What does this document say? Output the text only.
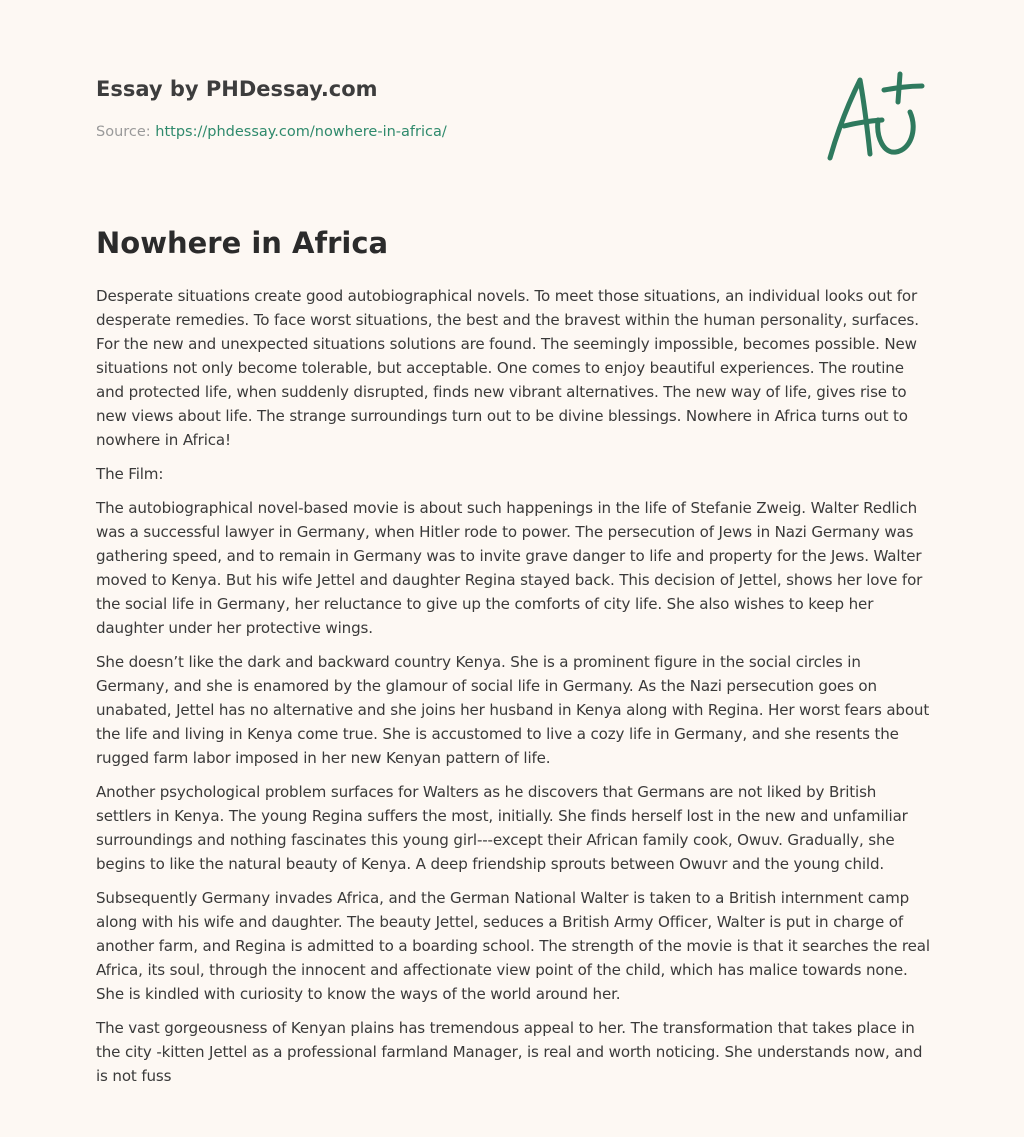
Essay by PHDessay.com

Source: https://phdessay.com/nowhere-in-africa/

Nowhere in Africa

Desperate situations create good autobiographical novels. To meet those situations, an individual looks out for desperate remedies. To face worst situations, the best and the bravest within the human personality, surfaces. For the new and unexpected situations solutions are found. The seemingly impossible, becomes possible. New situations not only become tolerable, but acceptable. One comes to enjoy beautiful experiences. The routine and protected life, when suddenly disrupted, finds new vibrant alternatives. The new way of life, gives rise to new views about life. The strange surroundings turn out to be divine blessings. Nowhere in Africa turns out to nowhere in Africa!

The Film:

The autobiographical novel-based movie is about such happenings in the life of Stefanie Zweig. Walter Redlich was a successful lawyer in Germany, when Hitler rode to power. The persecution of Jews in Nazi Germany was gathering speed, and to remain in Germany was to invite grave danger to life and property for the Jews. Walter moved to Kenya. But his wife Jettel and daughter Regina stayed back. This decision of Jettel, shows her love for the social life in Germany, her reluctance to give up the comforts of city life. She also wishes to keep her daughter under her protective wings.

She doesn’t like the dark and backward country Kenya. She is a prominent figure in the social circles in Germany, and she is enamored by the glamour of social life in Germany. As the Nazi persecution goes on unabated, Jettel has no alternative and she joins her husband in Kenya along with Regina. Her worst fears about the life and living in Kenya come true. She is accustomed to live a cozy life in Germany, and she resents the rugged farm labor imposed in her new Kenyan pattern of life.

Another psychological problem surfaces for Walters as he discovers that Germans are not liked by British settlers in Kenya. The young Regina suffers the most, initially. She finds herself lost in the new and unfamiliar surroundings and nothing fascinates this young girl---except their African family cook, Owuv. Gradually, she begins to like the natural beauty of Kenya. A deep friendship sprouts between Owuvr and the young child.

Subsequently Germany invades Africa, and the German National Walter is taken to a British internment camp along with his wife and daughter. The beauty Jettel, seduces a British Army Officer, Walter is put in charge of another farm, and Regina is admitted to a boarding school. The strength of the movie is that it searches the real Africa, its soul, through the innocent and affectionate view point of the child, which has malice towards none. She is kindled with curiosity to know the ways of the world around her.

The vast gorgeousness of Kenyan plains has tremendous appeal to her. The transformation that takes place in the city -kitten Jettel as a professional farmland Manager, is real and worth noticing. She understands now, and is not fuss
